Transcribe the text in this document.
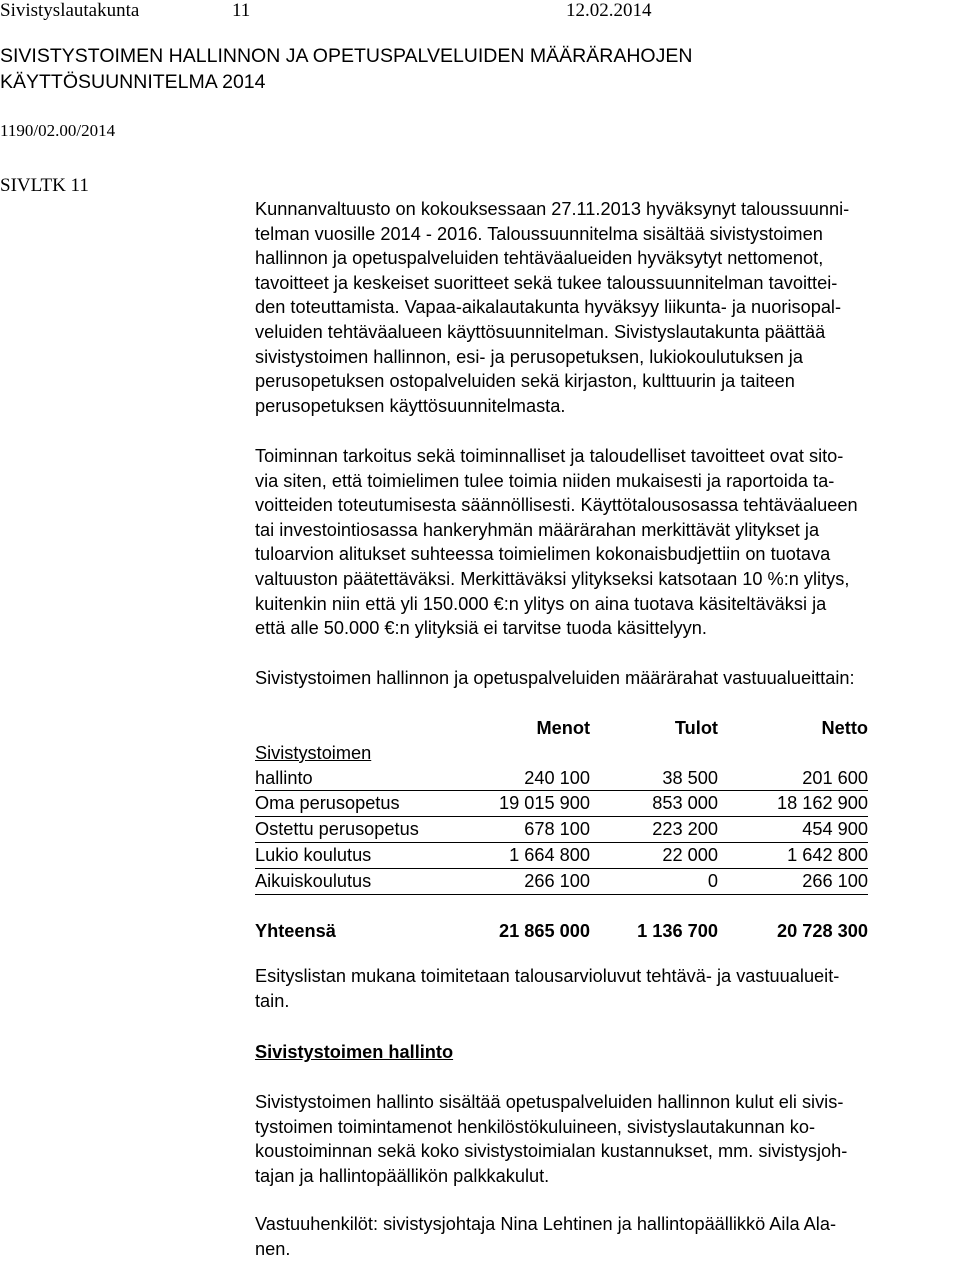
Sivistyslautakunta	11	12.02.2014
SIVISTYSTOIMEN HALLINNON JA OPETUSPALVELUIDEN MÄÄRÄRAHOJEN
KÄYTTÖSUUNNITELMA 2014
1190/02.00/2014
SIVLTK 11
Kunnanvaltuusto on kokouksessaan 27.11.2013 hyväksynyt taloussuunni-
telman vuosille 2014 - 2016. Taloussuunnitelma sisältää sivistystoimen
hallinnon ja opetuspalveluiden tehtäväalueiden hyväksytyt nettomenot,
tavoitteet ja keskeiset suoritteet sekä tukee taloussuunnitelman tavoittei-
den toteuttamista. Vapaa-aikalautakunta hyväksyy liikunta- ja nuorisopal-
veluiden tehtäväalueen käyttösuunnitelman. Sivistyslautakunta päättää
sivistystoimen hallinnon, esi- ja perusopetuksen, lukiokoulutuksen ja
perusopetuksen ostopalveluiden sekä kirjaston, kulttuurin ja taiteen
perusopetuksen käyttösuunnitelmasta.
Toiminnan tarkoitus sekä toiminnalliset ja taloudelliset tavoitteet ovat sito-
via siten, että toimielimen tulee toimia niiden mukaisesti ja raportoida ta-
voitteiden toteutumisesta säännöllisesti. Käyttötalousosassa tehtäväalueen
tai investointiosassa hankeryhmän määrärahan merkittävät ylitykset ja
tuloarvion alitukset suhteessa toimielimen kokonaisbudjettiin on tuotava
valtuuston päätettäväksi. Merkittäväksi ylitykseksi katsotaan 10 %:n ylitys,
kuitenkin niin että yli 150.000 €:n ylitys on aina tuotava käsiteltäväksi ja
että alle 50.000 €:n ylityksiä ei tarvitse tuoda käsittelyyn.
Sivistystoimen hallinnon ja opetuspalveluiden määrärahat vastuualueittain:
	Menot	Tulot	Netto
Sivistystoimen			
hallinto	240 100	38 500	201 600
Oma perusopetus	19 015 900	853 000	18 162 900
Ostettu perusopetus	678 100	223 200	454 900
Lukio koulutus	1 664 800	22 000	1 642 800
Aikuiskoulutus	266 100	0	266 100

Yhteensä	21 865 000	1 136 700	20 728 300
Esityslistan mukana toimitetaan talousarvioluvut tehtävä- ja vastuualueit-
tain.
Sivistystoimen hallinto
Sivistystoimen hallinto sisältää opetuspalveluiden hallinnon kulut eli sivis-
tystoimen toimintamenot henkilöstökuluineen, sivistyslautakunnan ko-
koustoiminnan sekä koko sivistystoimialan kustannukset, mm. sivistysjoh-
tajan ja hallintopäällikön palkkakulut.
Vastuuhenkilöt: sivistysjohtaja Nina Lehtinen ja hallintopäällikkö Aila Ala-
nen.
